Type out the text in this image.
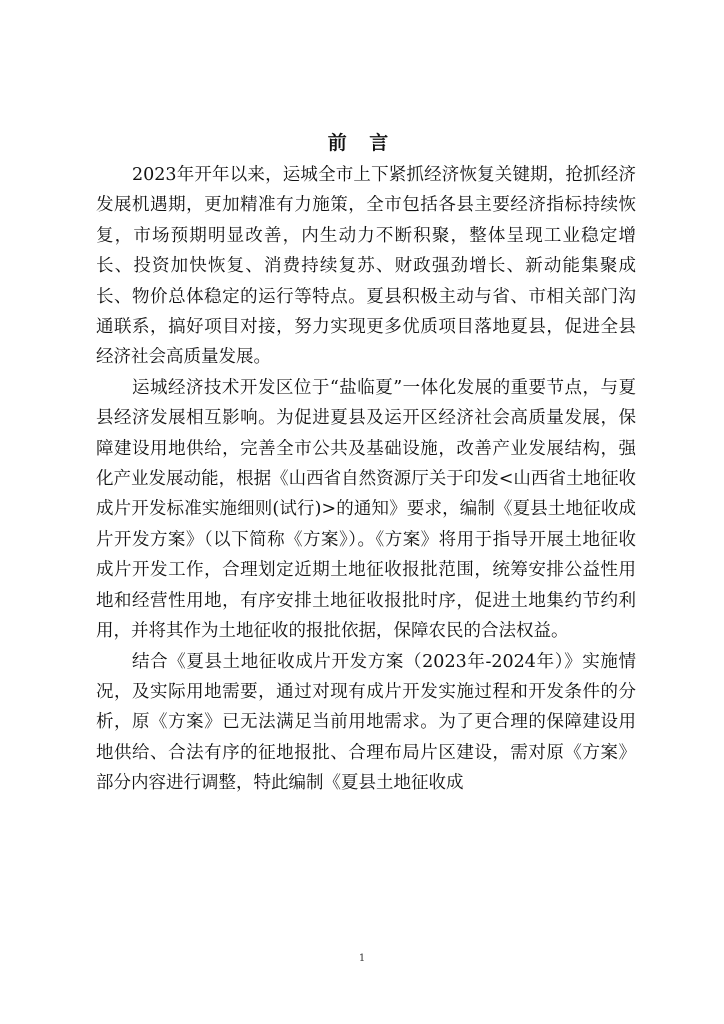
前 言

2023年开年以来，运城全市上下紧抓经济恢复关键期，抢抓经济发展机遇期，更加精准有力施策，全市包括各县主要经济指标持续恢复，市场预期明显改善，内生动力不断积聚，整体呈现工业稳定增长、投资加快恢复、消费持续复苏、财政强劲增长、新动能集聚成长、物价总体稳定的运行等特点。夏县积极主动与省、市相关部门沟通联系，搞好项目对接，努力实现更多优质项目落地夏县，促进全县经济社会高质量发展。

运城经济技术开发区位于“盐临夏”一体化发展的重要节点，与夏县经济发展相互影响。为促进夏县及运开区经济社会高质量发展，保障建设用地供给，完善全市公共及基础设施，改善产业发展结构，强化产业发展动能，根据《山西省自然资源厅关于印发<山西省土地征收成片开发标准实施细则(试行)>的通知》要求，编制《夏县土地征收成片开发方案》（以下简称《方案》）。《方案》将用于指导开展土地征收成片开发工作，合理划定近期土地征收报批范围，统筹安排公益性用地和经营性用地，有序安排土地征收报批时序，促进土地集约节约利用，并将其作为土地征收的报批依据，保障农民的合法权益。

结合《夏县土地征收成片开发方案（2023年-2024年）》实施情况，及实际用地需要，通过对现有成片开发实施过程和开发条件的分析，原《方案》已无法满足当前用地需求。为了更合理的保障建设用地供给、合法有序的征地报批、合理布局片区建设，需对原《方案》部分内容进行调整，特此编制《夏县土地征收成

1
